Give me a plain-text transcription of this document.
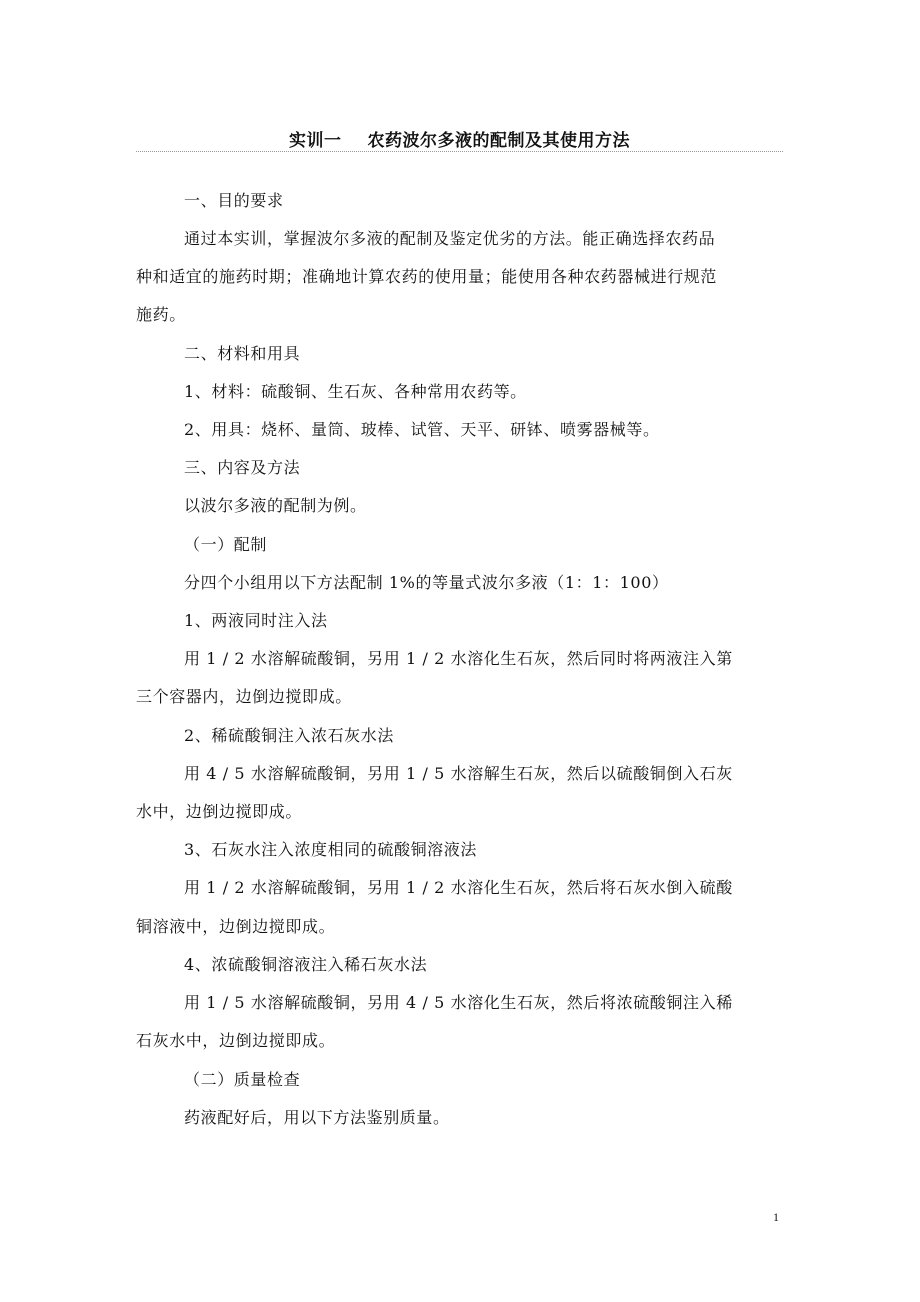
实训一 农药波尔多液的配制及其使用方法
一、目的要求
通过本实训，掌握波尔多液的配制及鉴定优劣的方法。能正确选择农药品
种和适宜的施药时期；准确地计算农药的使用量；能使用各种农药器械进行规范
施药。
二、材料和用具
1、材料：硫酸铜、生石灰、各种常用农药等。
2、用具：烧杯、量筒、玻棒、试管、天平、研钵、喷雾器械等。
三、内容及方法
以波尔多液的配制为例。
（一）配制
分四个小组用以下方法配制 1%的等量式波尔多液（1：1：100）
1、两液同时注入法
用 1 / 2 水溶解硫酸铜，另用 1 / 2 水溶化生石灰，然后同时将两液注入第
三个容器内，边倒边搅即成。
2、稀硫酸铜注入浓石灰水法
用 4 / 5 水溶解硫酸铜，另用 1 / 5 水溶解生石灰，然后以硫酸铜倒入石灰
水中，边倒边搅即成。
3、石灰水注入浓度相同的硫酸铜溶液法
用 1 / 2 水溶解硫酸铜，另用 1 / 2 水溶化生石灰，然后将石灰水倒入硫酸
铜溶液中，边倒边搅即成。
4、浓硫酸铜溶液注入稀石灰水法
用 1 / 5 水溶解硫酸铜，另用 4 / 5 水溶化生石灰，然后将浓硫酸铜注入稀
石灰水中，边倒边搅即成。
（二）质量检查
药液配好后，用以下方法鉴别质量。
1
